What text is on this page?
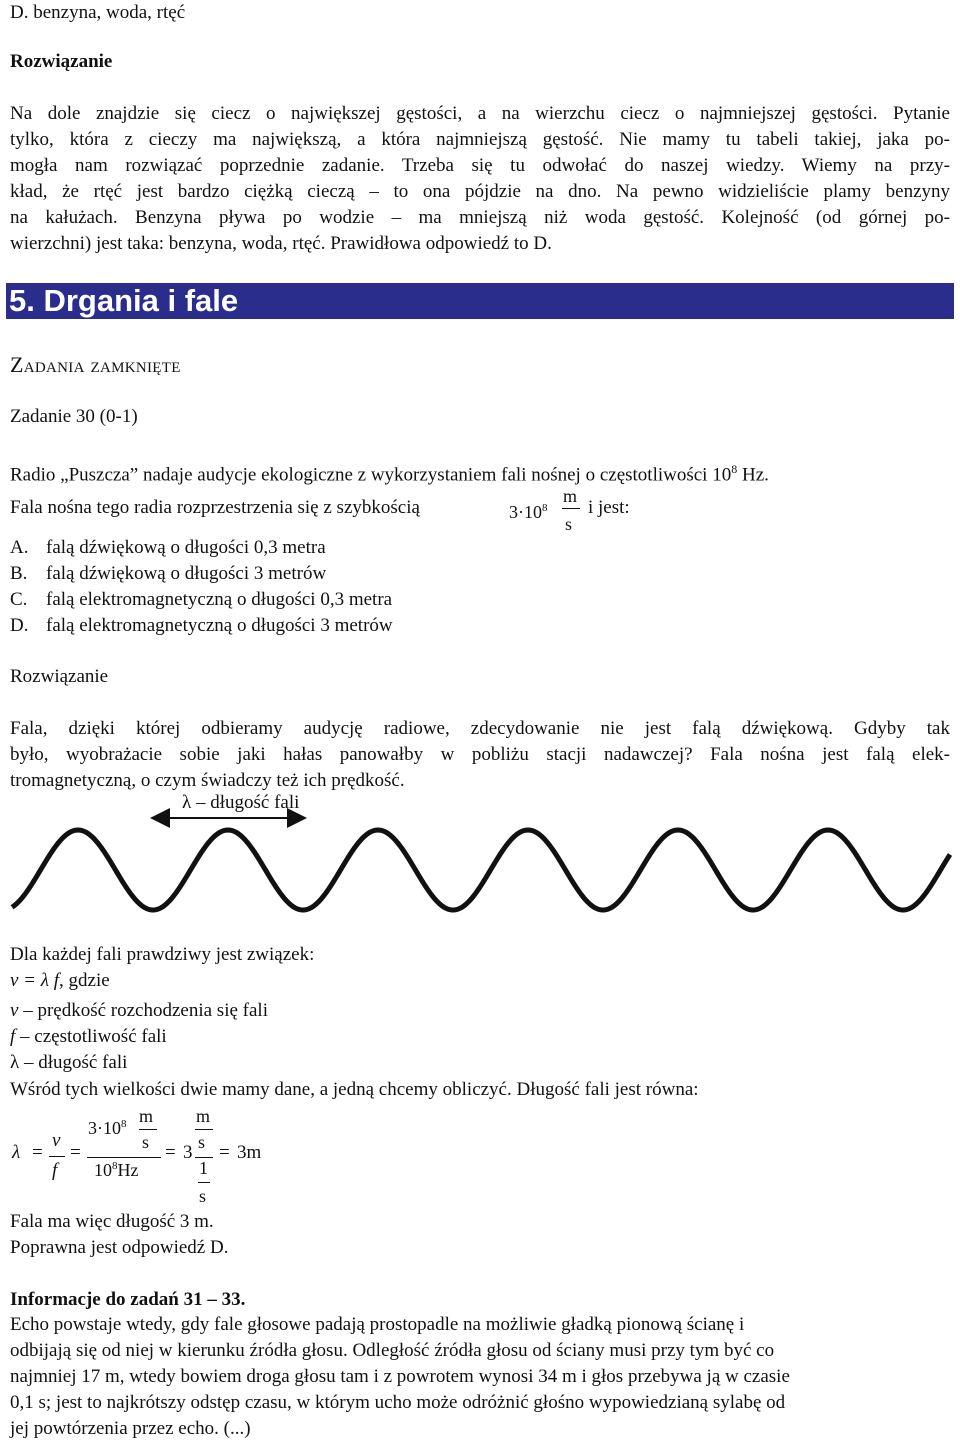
D. benzyna, woda, rtęć
Rozwiązanie
Na dole znajdzie się ciecz o największej gęstości, a na wierzchu ciecz o najmniejszej gęstości. Pytanie
tylko, która z cieczy ma największą, a która najmniejszą gęstość. Nie mamy tu tabeli takiej, jaka po-
mogła nam rozwiązać poprzednie zadanie. Trzeba się tu odwołać do naszej wiedzy. Wiemy na przy-
kład, że rtęć jest bardzo ciężką cieczą – to ona pójdzie na dno. Na pewno widzieliście plamy benzyny
na kałużach. Benzyna pływa po wodzie – ma mniejszą niż woda gęstość. Kolejność (od górnej po-
wierzchni) jest taka: benzyna, woda, rtęć. Prawidłowa odpowiedź to D.
5. Drgania i fale
Zadania zamknięte
Zadanie 30 (0-1)
Radio „Puszcza” nadaje audycje ekologiczne z wykorzystaniem fali nośnej o częstotliwości $10^8$ Hz.
Fala nośna tego radia rozprzestrzenia się z szybkością	$3\cdot 10^8$
m
s
i jest:
A. falą dźwiękową o długości 0,3 metra
B. falą dźwiękową o długości 3 metrów
C. falą elektromagnetyczną o długości 0,3 metra
D. falą elektromagnetyczną o długości 3 metrów
Rozwiązanie
Fala, dzięki której odbieramy audycję radiowe, zdecydowanie nie jest falą dźwiękową. Gdyby tak
było, wyobrażacie sobie jaki hałas panowałby w pobliżu stacji nadawczej? Fala nośna jest falą elek-
tromagnetyczną, o czym świadczy też ich prędkość.
λ – długość fali
Dla każdej fali prawdziwy jest związek:
v = λ f, gdzie
v – prędkość rozchodzenia się fali
f – częstotliwość fali
λ – długość fali
Wśród tych wielkości dwie mamy dane, a jedną chcemy obliczyć. Długość fali jest równa:
λ =
v
f
=
$3\cdot 10^8$ m
s
$10^8Hz$
= 3
m
s
1
s
= 3m
Fala ma więc długość 3 m.
Poprawna jest odpowiedź D.
Informacje do zadań 31 – 33.
Echo powstaje wtedy, gdy fale głosowe padają prostopadle na możliwie gładką pionową ścianę i
odbijają się od niej w kierunku źródła głosu. Odległość źródła głosu od ściany musi przy tym być co
najmniej 17 m, wtedy bowiem droga głosu tam i z powrotem wynosi 34 m i głos przebywa ją w czasie
0,1 s; jest to najkrótszy odstęp czasu, w którym ucho może odróżnić głośno wypowiedzianą sylabę od
jej powtórzenia przez echo. (...)
